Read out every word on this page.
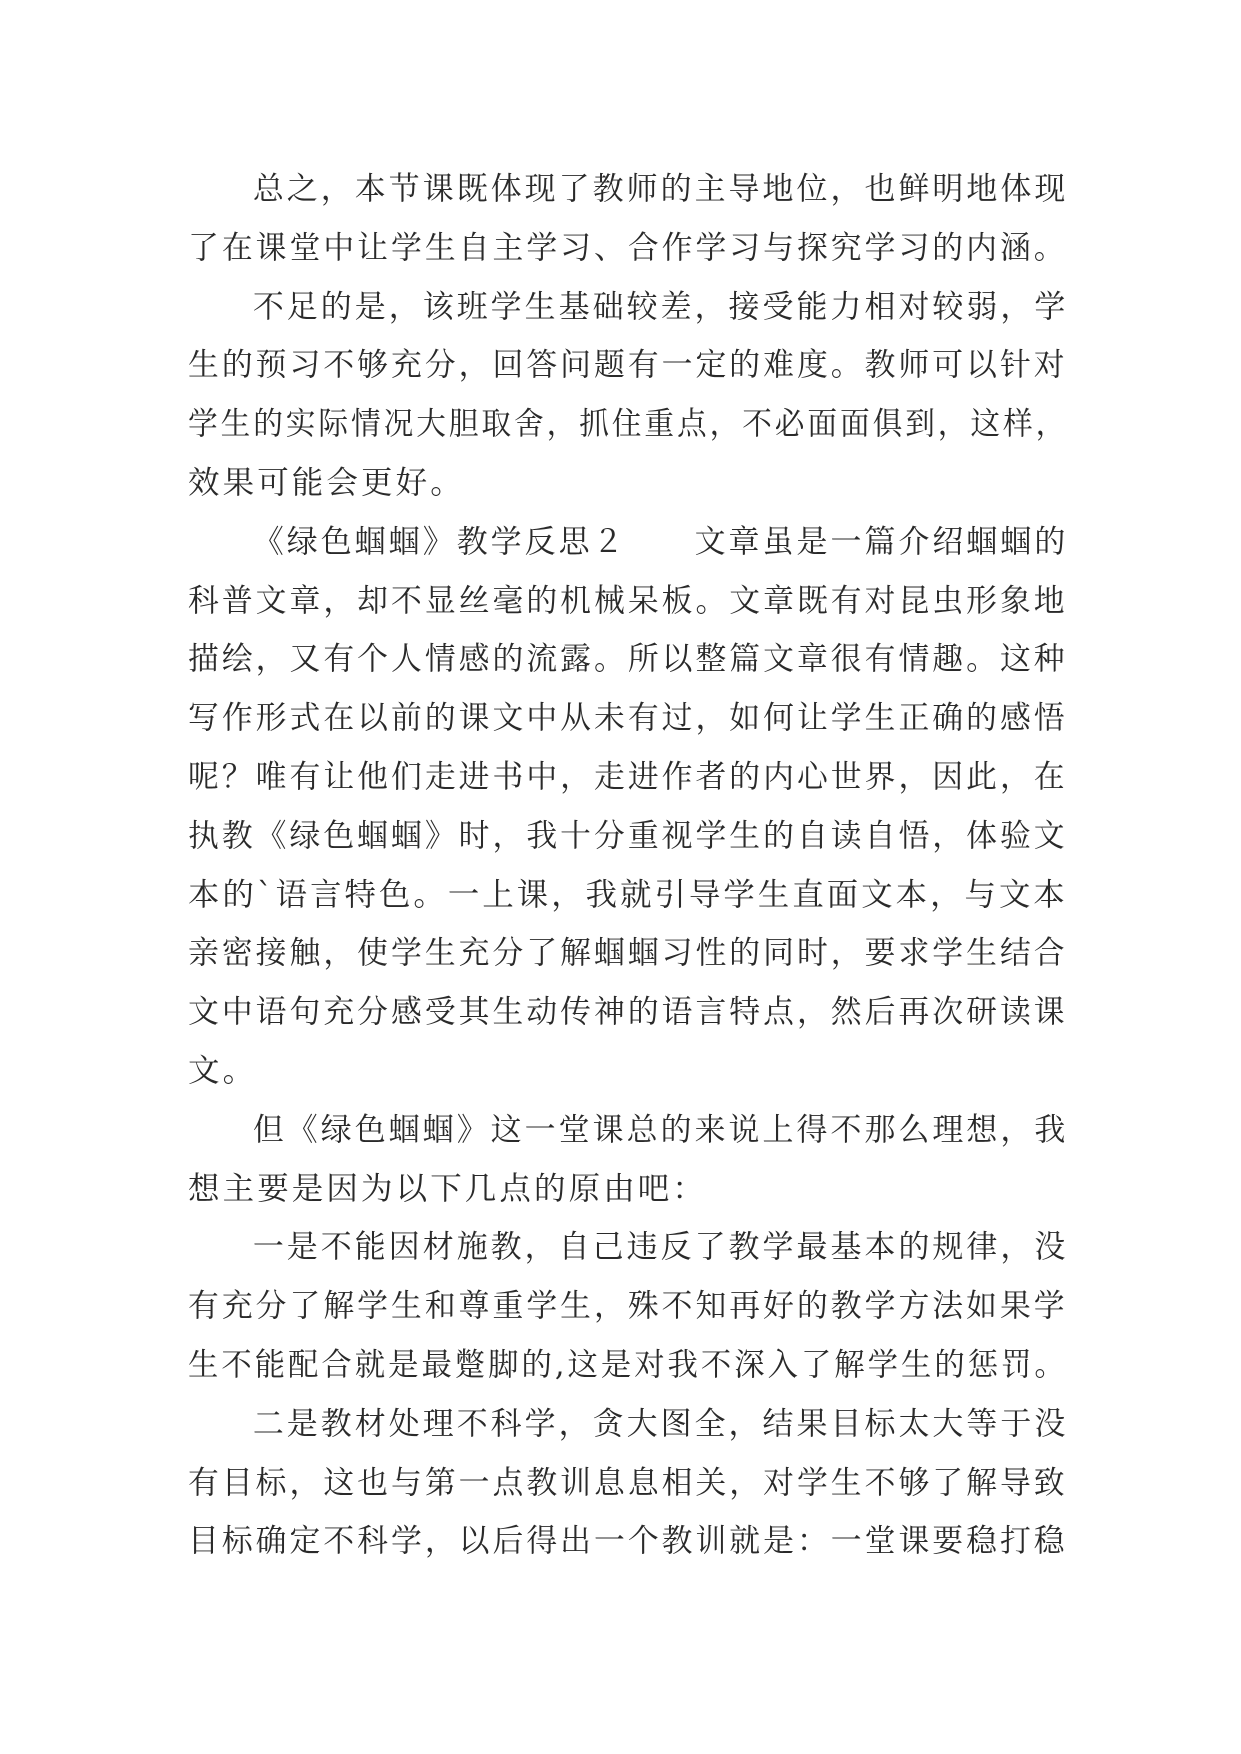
总之，本节课既体现了教师的主导地位，也鲜明地体现
了在课堂中让学生自主学习、合作学习与探究学习的内涵。
不足的是，该班学生基础较差，接受能力相对较弱，学
生的预习不够充分，回答问题有一定的难度。教师可以针对
学生的实际情况大胆取舍，抓住重点，不必面面俱到，这样，
效果可能会更好。
《绿色蝈蝈》教学反思２　　文章虽是一篇介绍蝈蝈的
科普文章，却不显丝毫的机械呆板。文章既有对昆虫形象地
描绘，又有个人情感的流露。所以整篇文章很有情趣。这种
写作形式在以前的课文中从未有过，如何让学生正确的感悟
呢？唯有让他们走进书中，走进作者的内心世界，因此，在
执教《绿色蝈蝈》时，我十分重视学生的自读自悟，体验文
本的`语言特色。一上课，我就引导学生直面文本，与文本
亲密接触，使学生充分了解蝈蝈习性的同时，要求学生结合
文中语句充分感受其生动传神的语言特点，然后再次研读课
文。
但《绿色蝈蝈》这一堂课总的来说上得不那么理想，我
想主要是因为以下几点的原由吧：
一是不能因材施教，自己违反了教学最基本的规律，没
有充分了解学生和尊重学生，殊不知再好的教学方法如果学
生不能配合就是最蹩脚的,这是对我不深入了解学生的惩罚。
二是教材处理不科学，贪大图全，结果目标太大等于没
有目标，这也与第一点教训息息相关，对学生不够了解导致
目标确定不科学，以后得出一个教训就是：一堂课要稳打稳
